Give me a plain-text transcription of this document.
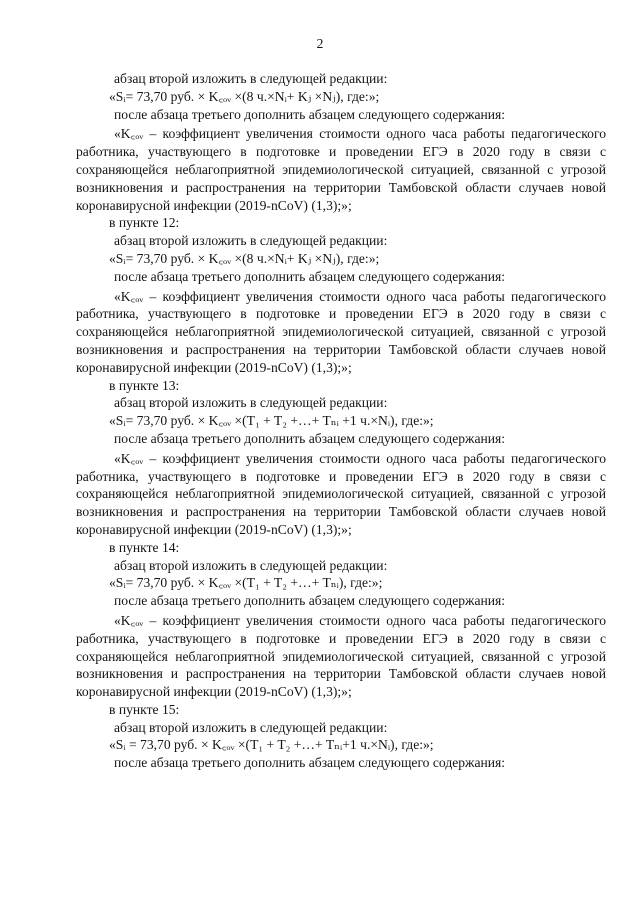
2

абзац второй изложить в следующей редакции:

«Sᵢ= 73,70 руб. × K꜀ₒᵥ ×(8 ч.×Nᵢ+ Kⱼ ×Nⱼ), где:»;

после абзаца третьего дополнить абзацем следующего содержания:

«K꜀ₒᵥ – коэффициент увеличения стоимости одного часа работы педагогического работника, участвующего в подготовке и проведении ЕГЭ в 2020 году в связи с сохраняющейся неблагоприятной эпидемиологической ситуацией, связанной с угрозой возникновения и распространения на территории Тамбовской области случаев новой коронавирусной инфекции (2019-nCoV) (1,3);»;

в пункте 12:

абзац второй изложить в следующей редакции:

«Sᵢ= 73,70 руб. × K꜀ₒᵥ ×(8 ч.×Nᵢ+ Kⱼ ×Nⱼ), где:»;

после абзаца третьего дополнить абзацем следующего содержания:

«K꜀ₒᵥ – коэффициент увеличения стоимости одного часа работы педагогического работника, участвующего в подготовке и проведении ЕГЭ в 2020 году в связи с сохраняющейся неблагоприятной эпидемиологической ситуацией, связанной с угрозой возникновения и распространения на территории Тамбовской области случаев новой коронавирусной инфекции (2019-nCoV) (1,3);»;

в пункте 13:

абзац второй изложить в следующей редакции:

«Sᵢ= 73,70 руб. × K꜀ₒᵥ ×(T₁ + T₂ +…+ Tₙᵢ +1 ч.×Nᵢ), где:»;

после абзаца третьего дополнить абзацем следующего содержания:

«K꜀ₒᵥ – коэффициент увеличения стоимости одного часа работы педагогического работника, участвующего в подготовке и проведении ЕГЭ в 2020 году в связи с сохраняющейся неблагоприятной эпидемиологической ситуацией, связанной с угрозой возникновения и распространения на территории Тамбовской области случаев новой коронавирусной инфекции (2019-nCoV) (1,3);»;

в пункте 14:

абзац второй изложить в следующей редакции:

«Sᵢ= 73,70 руб. × K꜀ₒᵥ ×(T₁ + T₂ +…+ Tₙᵢ), где:»;

после абзаца третьего дополнить абзацем следующего содержания:

«K꜀ₒᵥ – коэффициент увеличения стоимости одного часа работы педагогического работника, участвующего в подготовке и проведении ЕГЭ в 2020 году в связи с сохраняющейся неблагоприятной эпидемиологической ситуацией, связанной с угрозой возникновения и распространения на территории Тамбовской области случаев новой коронавирусной инфекции (2019-nCoV) (1,3);»;

в пункте 15:

абзац второй изложить в следующей редакции:

«Sᵢ = 73,70 руб. × K꜀ₒᵥ ×(T₁ + T₂ +…+ Tₙᵢ+1 ч.×Nᵢ), где:»;

после абзаца третьего дополнить абзацем следующего содержания:
